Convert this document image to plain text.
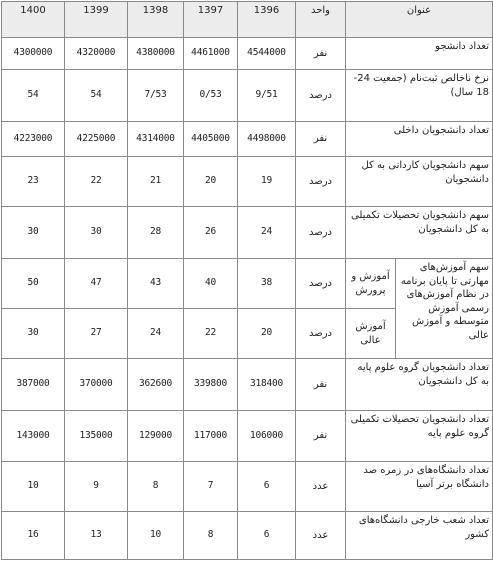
عنوان		واحد	1396	1397	1398	1399	1400
تعداد دانشجو		نفر	4544000	4461000	4380000	4320000	4300000
نرخ ناخالص ثبت‌نام (جمعیت 24-18 سال)		درصد	9/51	0/53	7/53	54	54
تعداد دانشجویان داخلی		نفر	4498000	4405000	4314000	4225000	4223000
سهم دانشجویان کاردانی به کل دانشجویان		درصد	19	20	21	22	23
سهم دانشجویان تحصیلات تکمیلی به کل دانشجویان		درصد	24	26	28	30	30
سهم آموزش‌های مهارتی تا پایان برنامه در نظام آموزش‌های رسمی آموزش متوسطه و آموزش عالی	آموزش و پرورش	درصد	38	40	43	47	50
	آموزش عالی	درصد	20	22	24	27	30
تعداد دانشجویان گروه علوم پایه به کل دانشجویان		نفر	318400	339800	362600	370000	387000
تعداد دانشجویان تحصیلات تکمیلی گروه علوم پایه		نفر	106000	117000	129000	135000	143000
تعداد دانشگاه‌های در زمره صد دانشگاه برتر آسیا		عدد	6	7	8	9	10
تعداد شعب خارجی دانشگاه‌های کشور		عدد	6	8	10	13	16
